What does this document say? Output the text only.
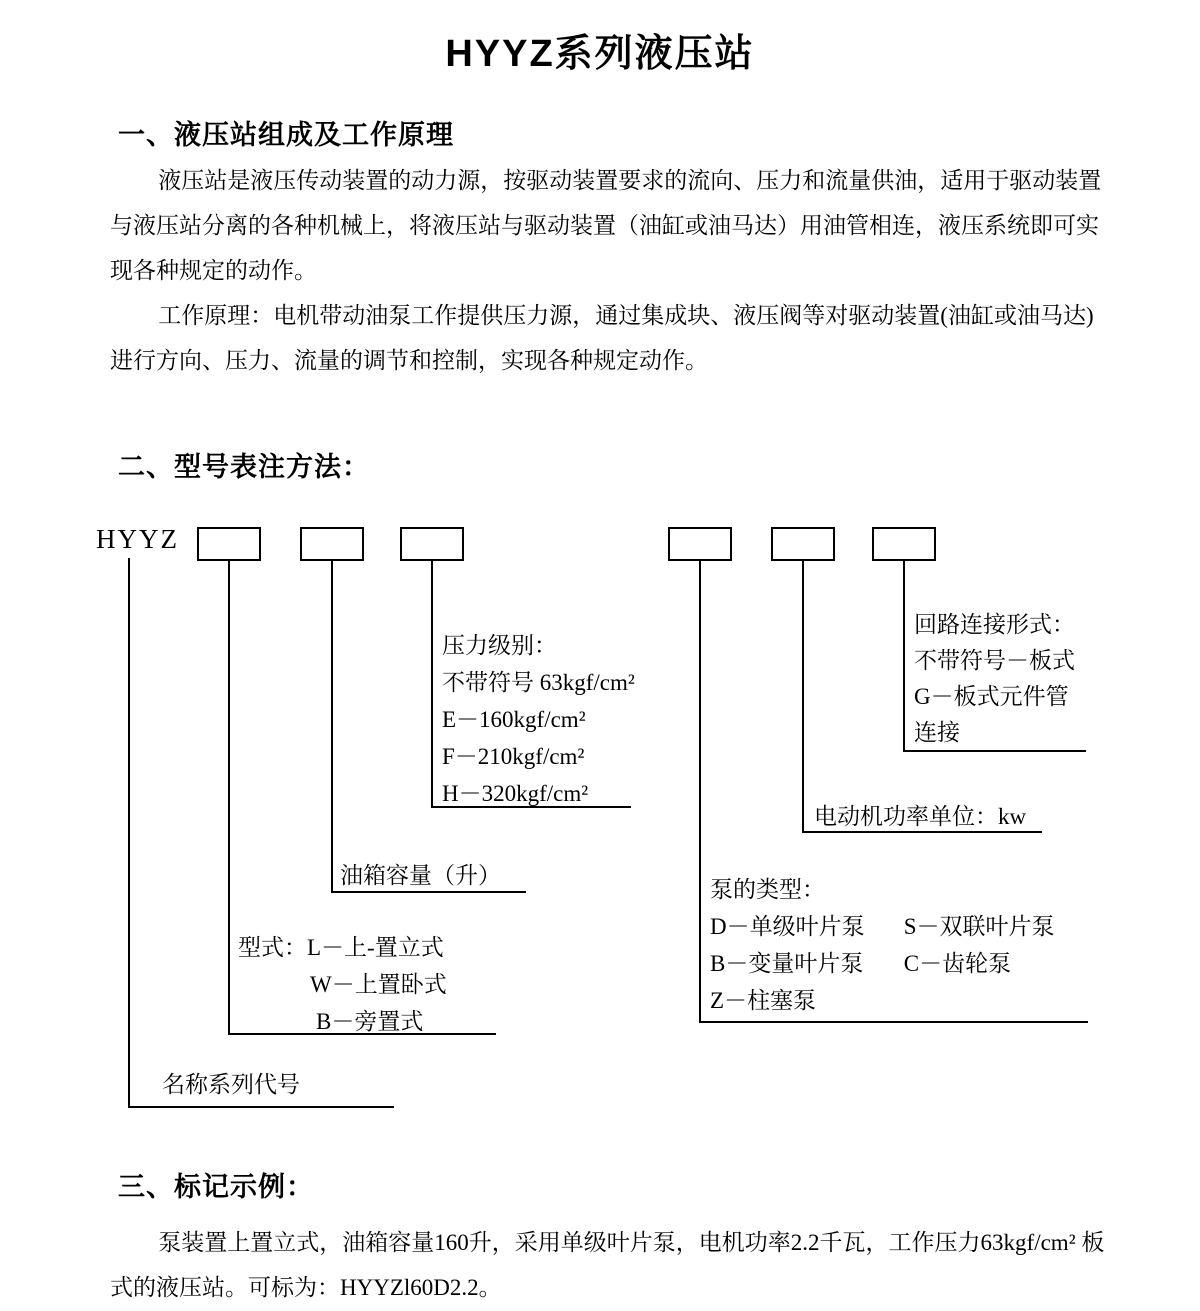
HYYZ系列液压站
一、液压站组成及工作原理
液压站是液压传动装置的动力源，按驱动装置要求的流向、压力和流量供油，适用于驱动装置
与液压站分离的各种机械上，将液压站与驱动装置（油缸或油马达）用油管相连，液压系统即可实
现各种规定的动作。
工作原理：电机带动油泵工作提供压力源，通过集成块、液压阀等对驱动装置(油缸或油马达)
进行方向、压力、流量的调节和控制，实现各种规定动作。
二、型号表注方法：
HYYZ
压力级别：
不带符号 63kgf/cm²
E－160kgf/cm²
F－210kgf/cm²
H－320kgf/cm²
回路连接形式：
不带符号－板式
G－板式元件管
连接
电动机功率单位：kw
油箱容量（升）
泵的类型：
D－单级叶片泵 S－双联叶片泵
B－变量叶片泵 C－齿轮泵
Z－柱塞泵
型式：L－上-置立式
W－上置卧式
B－旁置式
名称系列代号
三、标记示例：
泵装置上置立式，油箱容量160升，采用单级叶片泵，电机功率2.2千瓦，工作压力63kgf/cm² 板
式的液压站。可标为：HYYZl60D2.2。
